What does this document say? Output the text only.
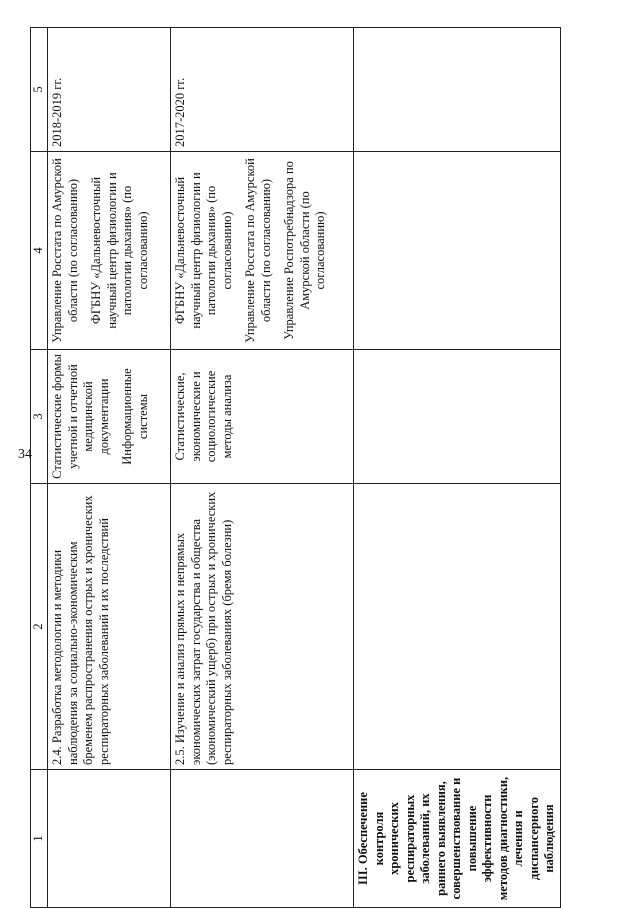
34
1	2	3	4	5
	2.4. Разработка методологии и методики наблюдения за социально-экономическим бременем распространения острых и хронических респираторных заболеваний и их последствий	Статистические формы учетной и отчетной медицинской документации Информационные системы	Управление Росстата по Амурской области (по согласованию) ФГБНУ «Дальневосточный научный центр физиологии и патологии дыхания» (по согласованию)	2018-2019 гг.
	2.5. Изучение и анализ прямых и непрямых экономических затрат государства и общества (экономический ущерб) при острых и хронических респираторных заболеваниях (бремя болезни)	Статистические, экономические и социологические методы анализа	ФГБНУ «Дальневосточный научный центр физиологии и патологии дыхания» (по согласованию) Управление Росстата по Амурской области (по согласованию) Управление Роспотребнадзора по Амурской области (по согласованию)	2017-2020 гг.
III. Обеспечение контроля хронических респираторных заболеваний, их раннего выявления, совершенствование и повышение эффективности методов диагностики, лечения и диспансерного наблюдения		
